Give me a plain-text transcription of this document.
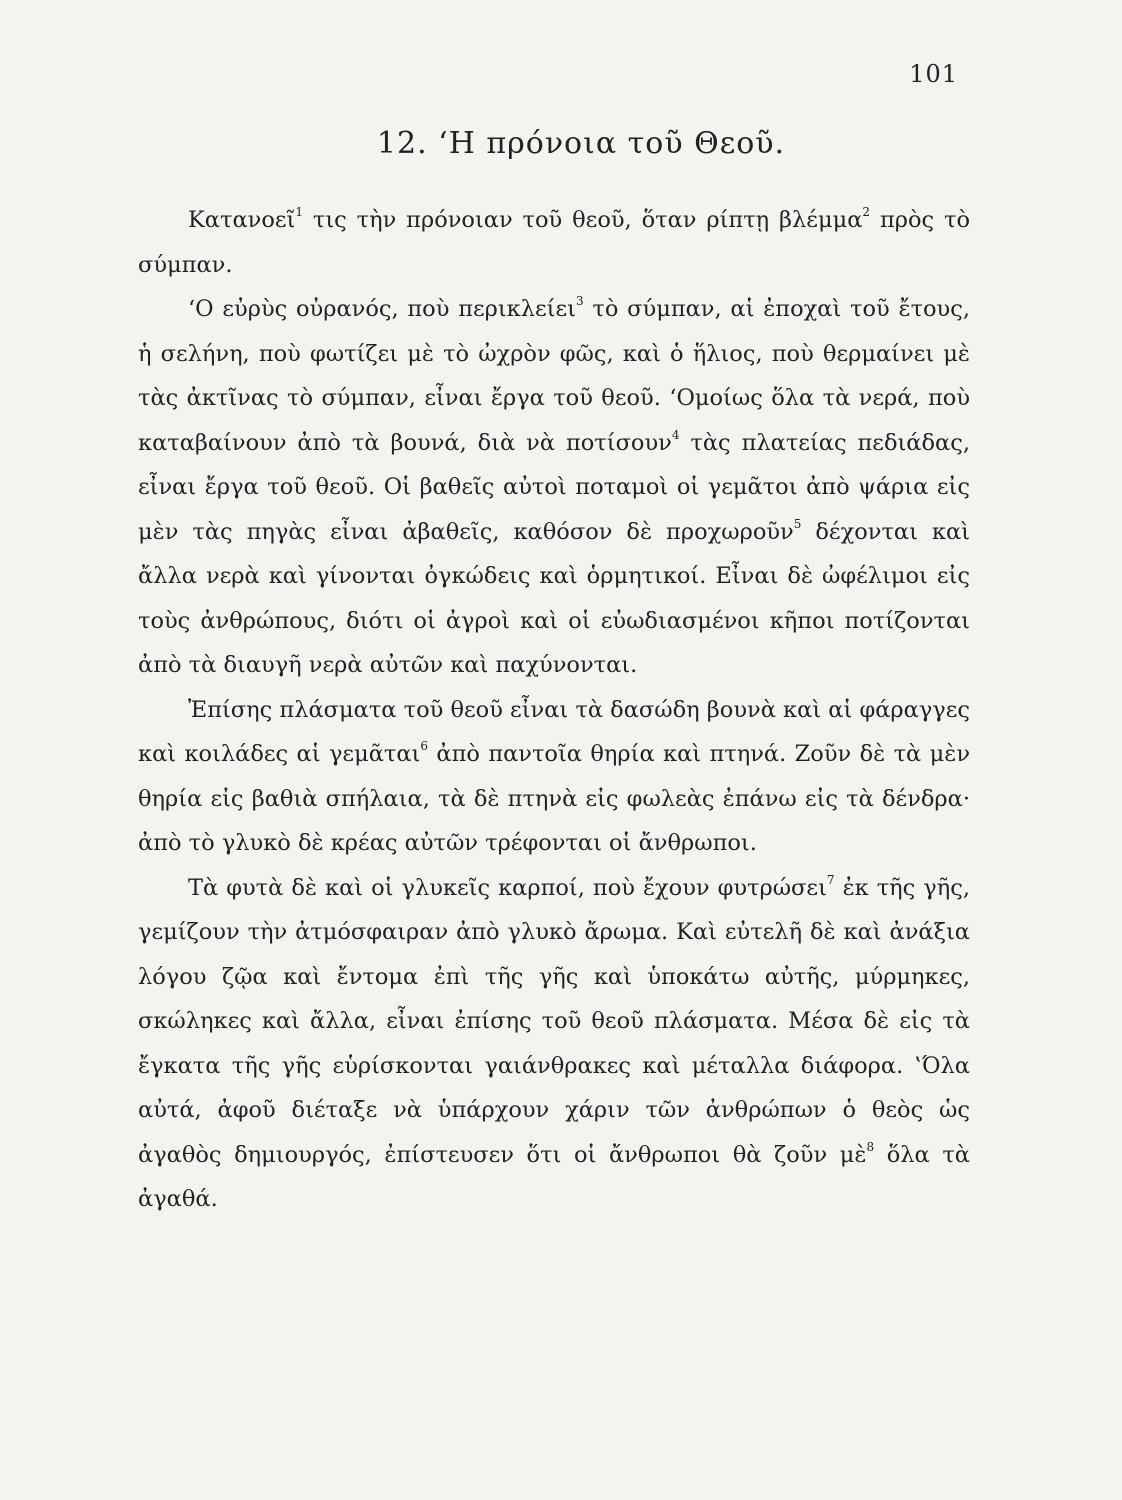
101
12. ‘Η πρόνοια τοῦ Θεοῦ.

Κατανοεῖ$^1$ τις τὴν πρόνοιαν τοῦ θεοῦ, ὅταν ρίπτῃ βλέμμα$^2$ πρὸς τὸ σύμπαν.

‘Ο εὐρὺς οὐρανός, ποὺ περικλείει$^3$ τὸ σύμπαν, αἱ ἐποχαὶ τοῦ ἔτους, ἡ σελήνη, ποὺ φωτίζει μὲ τὸ ὠχρὸν φῶς, καὶ ὁ ἥλιος, ποὺ θερμαίνει μὲ τὰς ἀκτῖνας τὸ σύμπαν, εἶναι ἔργα τοῦ θεοῦ. ‘Ομοίως ὅλα τὰ νερά, ποὺ καταβαίνουν ἀπὸ τὰ βουνά, διὰ νὰ ποτίσουν$^4$ τὰς πλατείας πεδιάδας, εἶναι ἔργα τοῦ θεοῦ. Οἱ βαθεῖς αὐτοὶ ποταμοὶ οἱ γεμᾶτοι ἀπὸ ψάρια εἰς μὲν τὰς πηγὰς εἶναι ἀβαθεῖς, καθόσον δὲ προχωροῦν$^5$ δέχονται καὶ ἄλλα νερὰ καὶ γίνονται ὀγκώδεις καὶ ὁρμητικοί. Εἶναι δὲ ὠφέλιμοι εἰς τοὺς ἀνθρώπους, διότι οἱ ἀγροὶ καὶ οἱ εὐωδιασμένοι κῆποι ποτίζονται ἀπὸ τὰ διαυγῆ νερὰ αὐτῶν καὶ παχύνονται.

Ἐπίσης πλάσματα τοῦ θεοῦ εἶναι τὰ δασώδη βουνὰ καὶ αἱ φάραγγες καὶ κοιλάδες αἱ γεμᾶται$^6$ ἀπὸ παντοῖα θηρία καὶ πτηνά. Ζοῦν δὲ τὰ μὲν θηρία εἰς βαθιὰ σπήλαια, τὰ δὲ πτηνὰ εἰς φωλεὰς ἐπάνω εἰς τὰ δένδρα· ἀπὸ τὸ γλυκὸ δὲ κρέας αὐτῶν τρέφονται οἱ ἄνθρωποι.

Τὰ φυτὰ δὲ καὶ οἱ γλυκεῖς καρποί, ποὺ ἔχουν φυτρώσει$^7$ ἐκ τῆς γῆς, γεμίζουν τὴν ἀτμόσφαιραν ἀπὸ γλυκὸ ἄρωμα. Καὶ εὐτελῆ δὲ καὶ ἀνάξια λόγου ζῷα καὶ ἔντομα ἐπὶ τῆς γῆς καὶ ὑποκάτω αὐτῆς, μύρμηκες, σκώληκες καὶ ἄλλα, εἶναι ἐπίσης τοῦ θεοῦ πλάσματα. Μέσα δὲ εἰς τὰ ἔγκατα τῆς γῆς εὑρίσκονται γαιάνθρακες καὶ μέταλλα διάφορα. ‛Όλα αὐτά, ἀφοῦ διέταξε νὰ ὑπάρχουν χάριν τῶν ἀνθρώπων ὁ θεὸς ὡς ἀγαθὸς δημιουργός, ἐπίστευσεν ὅτι οἱ ἄνθρωποι θὰ ζοῦν μὲ$^8$ ὅλα τὰ ἀγαθά.
